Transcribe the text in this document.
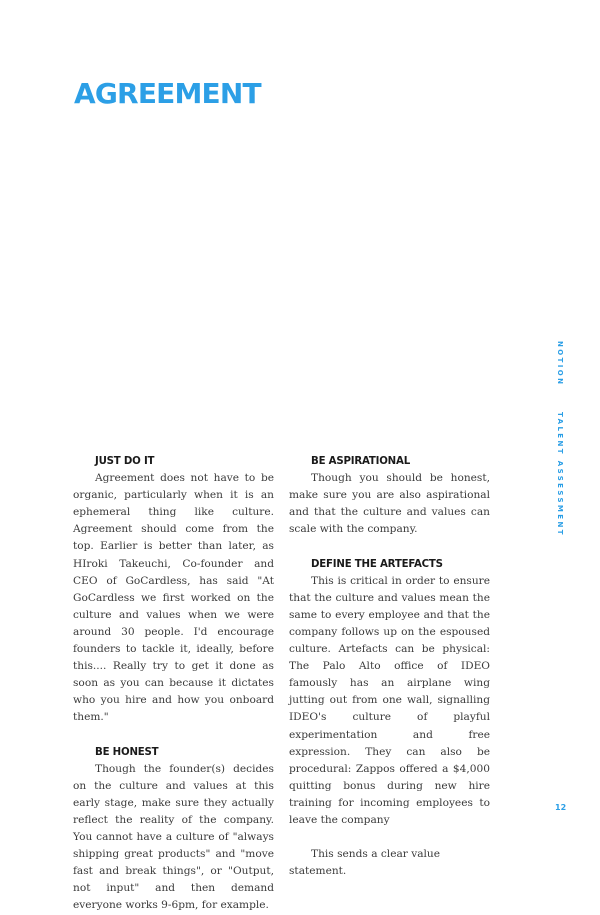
AGREEMENT
JUST DO IT

Agreement does not have to be organic, particularly when it is an ephemeral thing like culture. Agreement should come from the top. Earlier is better than later, as HIroki Takeuchi, Co-founder and CEO of GoCardless, has said "At GoCardless we first worked on the culture and values when we were around 30 people. I'd encourage founders to tackle it, ideally, before this.... Really try to get it done as soon as you can because it dictates who you hire and how you onboard them."

BE HONEST

Though the founder(s) decides on the culture and values at this early stage, make sure they actually reflect the reality of the company. You cannot have a culture of "always shipping great products" and "move fast and break things", or "Output, not input" and then demand everyone works 9-6pm, for example.

BE ASPIRATIONAL

Though you should be honest, make sure you are also aspirational and that the culture and values can scale with the company.

DEFINE THE ARTEFACTS

This is critical in order to ensure that the culture and values mean the same to every employee and that the company follows up on the espoused culture. Artefacts can be physical: The Palo Alto office of IDEO famously has an airplane wing jutting out from one wall, signalling IDEO's culture of playful experimentation and free expression. They can also be procedural: Zappos offered a $4,000 quitting bonus during new hire training for incoming employees to leave the company

This sends a clear value statement.

NOTION
TALENT ASSESSMENT
12
